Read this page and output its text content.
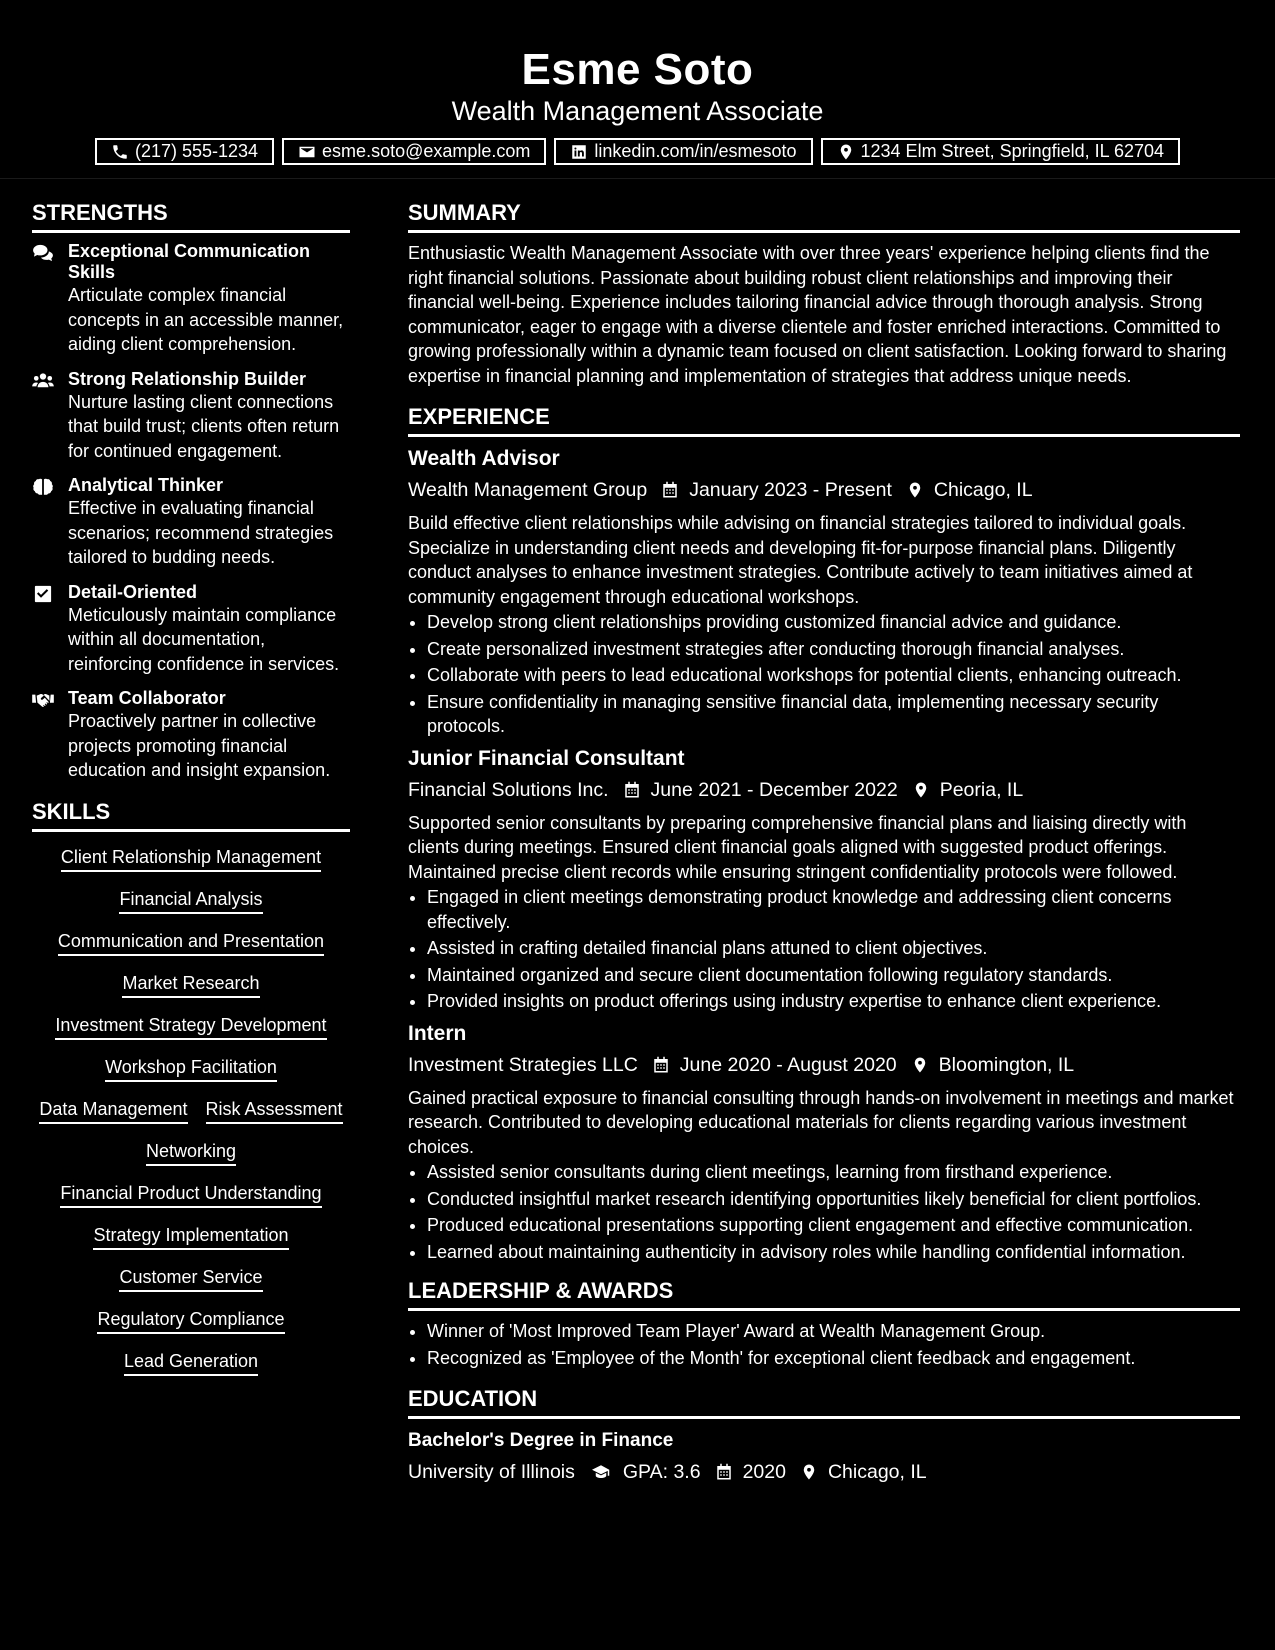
Esme Soto
Wealth Management Associate
(217) 555-1234	esme.soto@example.com	linkedin.com/in/esmesoto	1234 Elm Street, Springfield, IL 62704
STRENGTHS
Exceptional Communication Skills
Articulate complex financial concepts in an accessible manner, aiding client comprehension.
Strong Relationship Builder
Nurture lasting client connections that build trust; clients often return for continued engagement.
Analytical Thinker
Effective in evaluating financial scenarios; recommend strategies tailored to budding needs.
Detail-Oriented
Meticulously maintain compliance within all documentation, reinforcing confidence in services.
Team Collaborator
Proactively partner in collective projects promoting financial education and insight expansion.
SKILLS
Client Relationship Management
Financial Analysis
Communication and Presentation
Market Research
Investment Strategy Development
Workshop Facilitation
Data Management Risk Assessment
Networking
Financial Product Understanding
Strategy Implementation
Customer Service
Regulatory Compliance
Lead Generation
SUMMARY

Enthusiastic Wealth Management Associate with over three years' experience helping clients find the right financial solutions. Passionate about building robust client relationships and improving their financial well-being. Experience includes tailoring financial advice through thorough analysis. Strong communicator, eager to engage with a diverse clientele and foster enriched interactions. Committed to growing professionally within a dynamic team focused on client satisfaction. Looking forward to sharing expertise in financial planning and implementation of strategies that address unique needs.

EXPERIENCE
Wealth Advisor
Wealth Management Group January 2023 - Present Chicago, IL

Build effective client relationships while advising on financial strategies tailored to individual goals. Specialize in understanding client needs and developing fit-for-purpose financial plans. Diligently conduct analyses to enhance investment strategies. Contribute actively to team initiatives aimed at community engagement through educational workshops.

• Develop strong client relationships providing customized financial advice and guidance.
• Create personalized investment strategies after conducting thorough financial analyses.
• Collaborate with peers to lead educational workshops for potential clients, enhancing outreach.
• Ensure confidentiality in managing sensitive financial data, implementing necessary security protocols.
Junior Financial Consultant
Financial Solutions Inc. June 2021 - December 2022 Peoria, IL

Supported senior consultants by preparing comprehensive financial plans and liaising directly with clients during meetings. Ensured client financial goals aligned with suggested product offerings. Maintained precise client records while ensuring stringent confidentiality protocols were followed.

• Engaged in client meetings demonstrating product knowledge and addressing client concerns effectively.
• Assisted in crafting detailed financial plans attuned to client objectives.
• Maintained organized and secure client documentation following regulatory standards.
• Provided insights on product offerings using industry expertise to enhance client experience.
Intern
Investment Strategies LLC June 2020 - August 2020 Bloomington, IL

Gained practical exposure to financial consulting through hands-on involvement in meetings and market research. Contributed to developing educational materials for clients regarding various investment choices.

• Assisted senior consultants during client meetings, learning from firsthand experience.
• Conducted insightful market research identifying opportunities likely beneficial for client portfolios.
• Produced educational presentations supporting client engagement and effective communication.
• Learned about maintaining authenticity in advisory roles while handling confidential information.
LEADERSHIP & AWARDS
• Winner of 'Most Improved Team Player' Award at Wealth Management Group.
• Recognized as 'Employee of the Month' for exceptional client feedback and engagement.
EDUCATION
Bachelor's Degree in Finance
University of Illinois GPA: 3.6 2020 Chicago, IL
